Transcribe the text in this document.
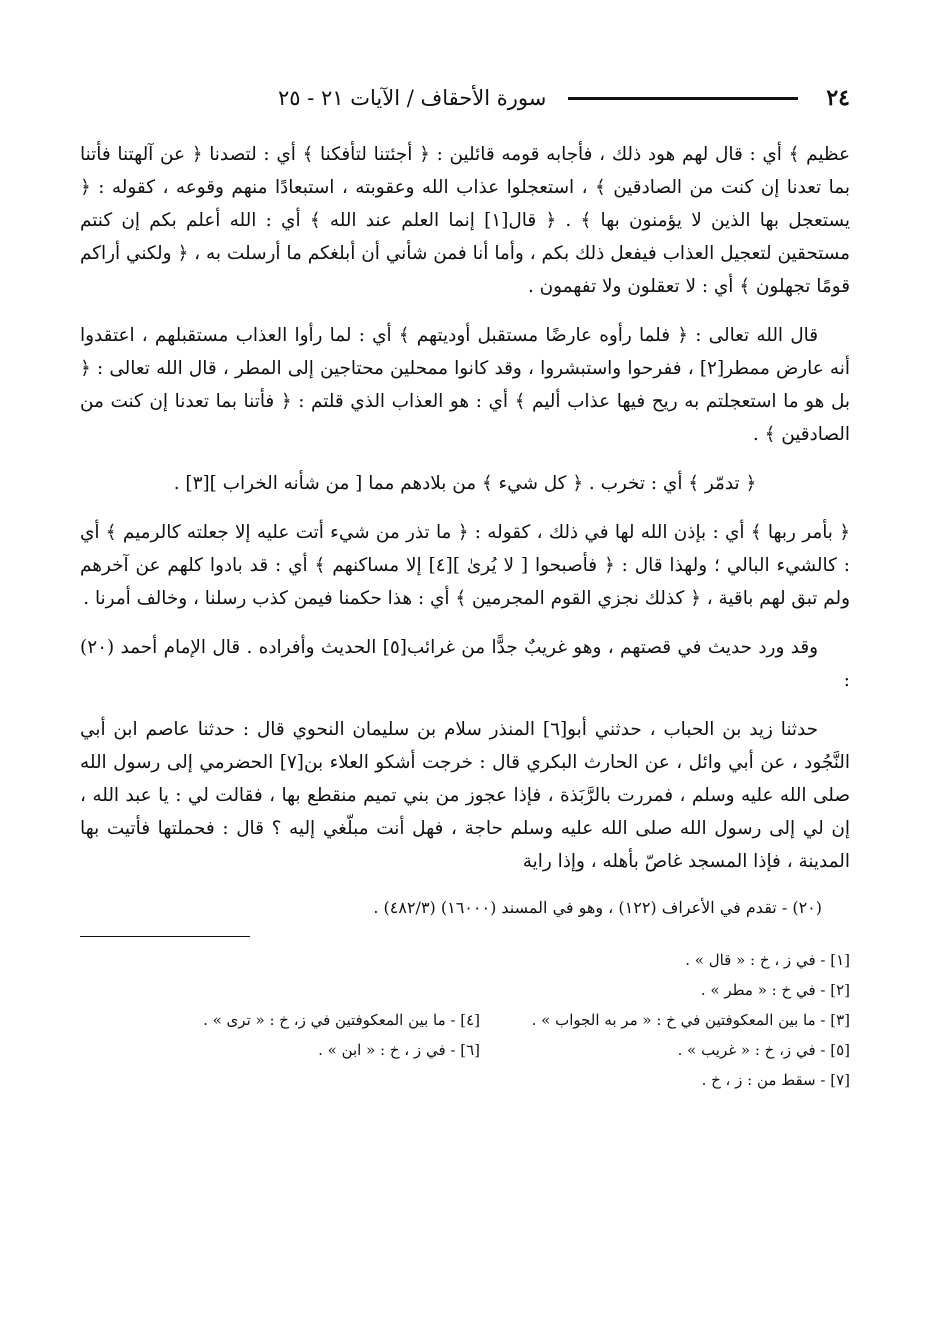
٢٤
سورة الأحقاف / الآيات ٢١ - ٢٥

عظيم ﴾ أي : قال لهم هود ذلك ، فأجابه قومه قائلين : ﴿ أجئتنا لتأفكنا ﴾ أي : لتصدنا ﴿ عن آلهتنا فأتنا بما تعدنا إن كنت من الصادقين ﴾ ، استعجلوا عذاب الله وعقوبته ، استبعادًا منهم وقوعه ، كقوله : ﴿ يستعجل بها الذين لا يؤمنون بها ﴾ . ﴿ قال[١] إنما العلم عند الله ﴾ أي : الله أعلم بكم إن كنتم مستحقين لتعجيل العذاب فيفعل ذلك بكم ، وأما أنا فمن شأني أن أبلغكم ما أرسلت به ، ﴿ ولكني أراكم قومًا تجهلون ﴾ أي : لا تعقلون ولا تفهمون .

قال الله تعالى : ﴿ فلما رأوه عارضًا مستقبل أوديتهم ﴾ أي : لما رأوا العذاب مستقبلهم ، اعتقدوا أنه عارض ممطر[٢] ، ففرحوا واستبشروا ، وقد كانوا ممحلين محتاجين إلى المطر ، قال الله تعالى : ﴿ بل هو ما استعجلتم به ريح فيها عذاب أليم ﴾ أي : هو العذاب الذي قلتم : ﴿ فأتنا بما تعدنا إن كنت من الصادقين ﴾ .

﴿ تدمّر ﴾ أي : تخرب . ﴿ كل شيء ﴾ من بلادهم مما [ من شأنه الخراب ][٣] .

﴿ بأمر ربها ﴾ أي : بإذن الله لها في ذلك ، كقوله : ﴿ ما تذر من شيء أتت عليه إلا جعلته كالرميم ﴾ أي : كالشيء البالي ؛ ولهذا قال : ﴿ فأصبحوا [ لا يُرىٰ ][٤] إلا مساكنهم ﴾ أي : قد بادوا كلهم عن آخرهم ولم تبق لهم باقية ، ﴿ كذلك نجزي القوم المجرمين ﴾ أي : هذا حكمنا فيمن كذب رسلنا ، وخالف أمرنا .

وقد ورد حديث في قصتهم ، وهو غريبٌ جدًّا من غرائب[٥] الحديث وأفراده . قال الإمام أحمد (٢٠) :

حدثنا زيد بن الحباب ، حدثني أبو[٦] المنذر سلام بن سليمان النحوي قال : حدثنا عاصم ابن أبي النَّجُود ، عن أبي وائل ، عن الحارث البكري قال : خرجت أشكو العلاء بن[٧] الحضرمي إلى رسول الله صلى الله عليه وسلم ، فمررت بالرَّبَذة ، فإذا عجوز من بني تميم منقطع بها ، فقالت لي : يا عبد الله ، إن لي إلى رسول الله صلى الله عليه وسلم حاجة ، فهل أنت مبلّغي إليه ؟ قال : فحملتها فأتيت بها المدينة ، فإذا المسجد غاصّ بأهله ، وإذا راية

(٢٠) - تقدم في الأعراف (١٢٢) ، وهو في المسند (١٦٠٠٠) (٤٨٢/٣) .
[١] - في ز ، خ : « قال » .
[٢] - في خ : « مطر » .
[٣] - ما بين المعكوفتين في خ : « مر به الجواب » .
[٤] - ما بين المعكوفتين في ز، خ : « ترى » .
[٥] - في ز، خ : « غريب » .
[٦] - في ز ، خ : « ابن » .
[٧] - سقط من : ز ، خ .
